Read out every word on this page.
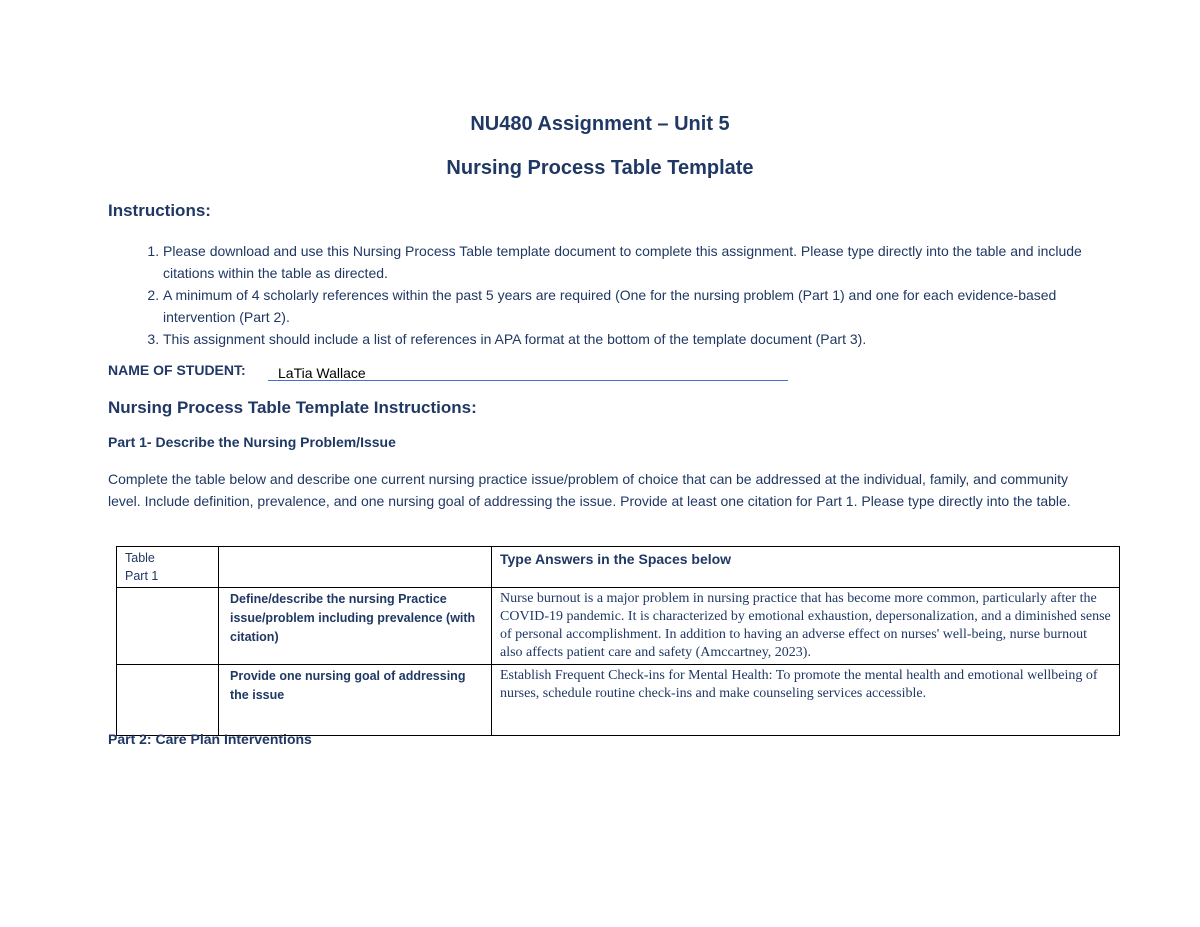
NU480 Assignment – Unit 5
Nursing Process Table Template
Instructions:
1. Please download and use this Nursing Process Table template document to complete this assignment. Please type directly into the table and include citations within the table as directed.
2. A minimum of 4 scholarly references within the past 5 years are required (One for the nursing problem (Part 1) and one for each evidence-based intervention (Part 2).
3. This assignment should include a list of references in APA format at the bottom of the template document (Part 3).
NAME OF STUDENT:	LaTia Wallace
Nursing Process Table Template Instructions:
Part 1- Describe the Nursing Problem/Issue
Complete the table below and describe one current nursing practice issue/problem of choice that can be addressed at the individual, family, and community level. Include definition, prevalence, and one nursing goal of addressing the issue. Provide at least one citation for Part 1. Please type directly into the table.
Table
Part 1		Type Answers in the Spaces below
	Define/describe the nursing Practice issue/problem including prevalence (with citation)	Nurse burnout is a major problem in nursing practice that has become more common, particularly after the COVID-19 pandemic. It is characterized by emotional exhaustion, depersonalization, and a diminished sense of personal accomplishment. In addition to having an adverse effect on nurses' well-being, nurse burnout also affects patient care and safety (Amccartney, 2023).
	Provide one nursing goal of addressing the issue	Establish Frequent Check-ins for Mental Health: To promote the mental health and emotional wellbeing of nurses, schedule routine check-ins and make counseling services accessible.
Part 2: Care Plan Interventions
